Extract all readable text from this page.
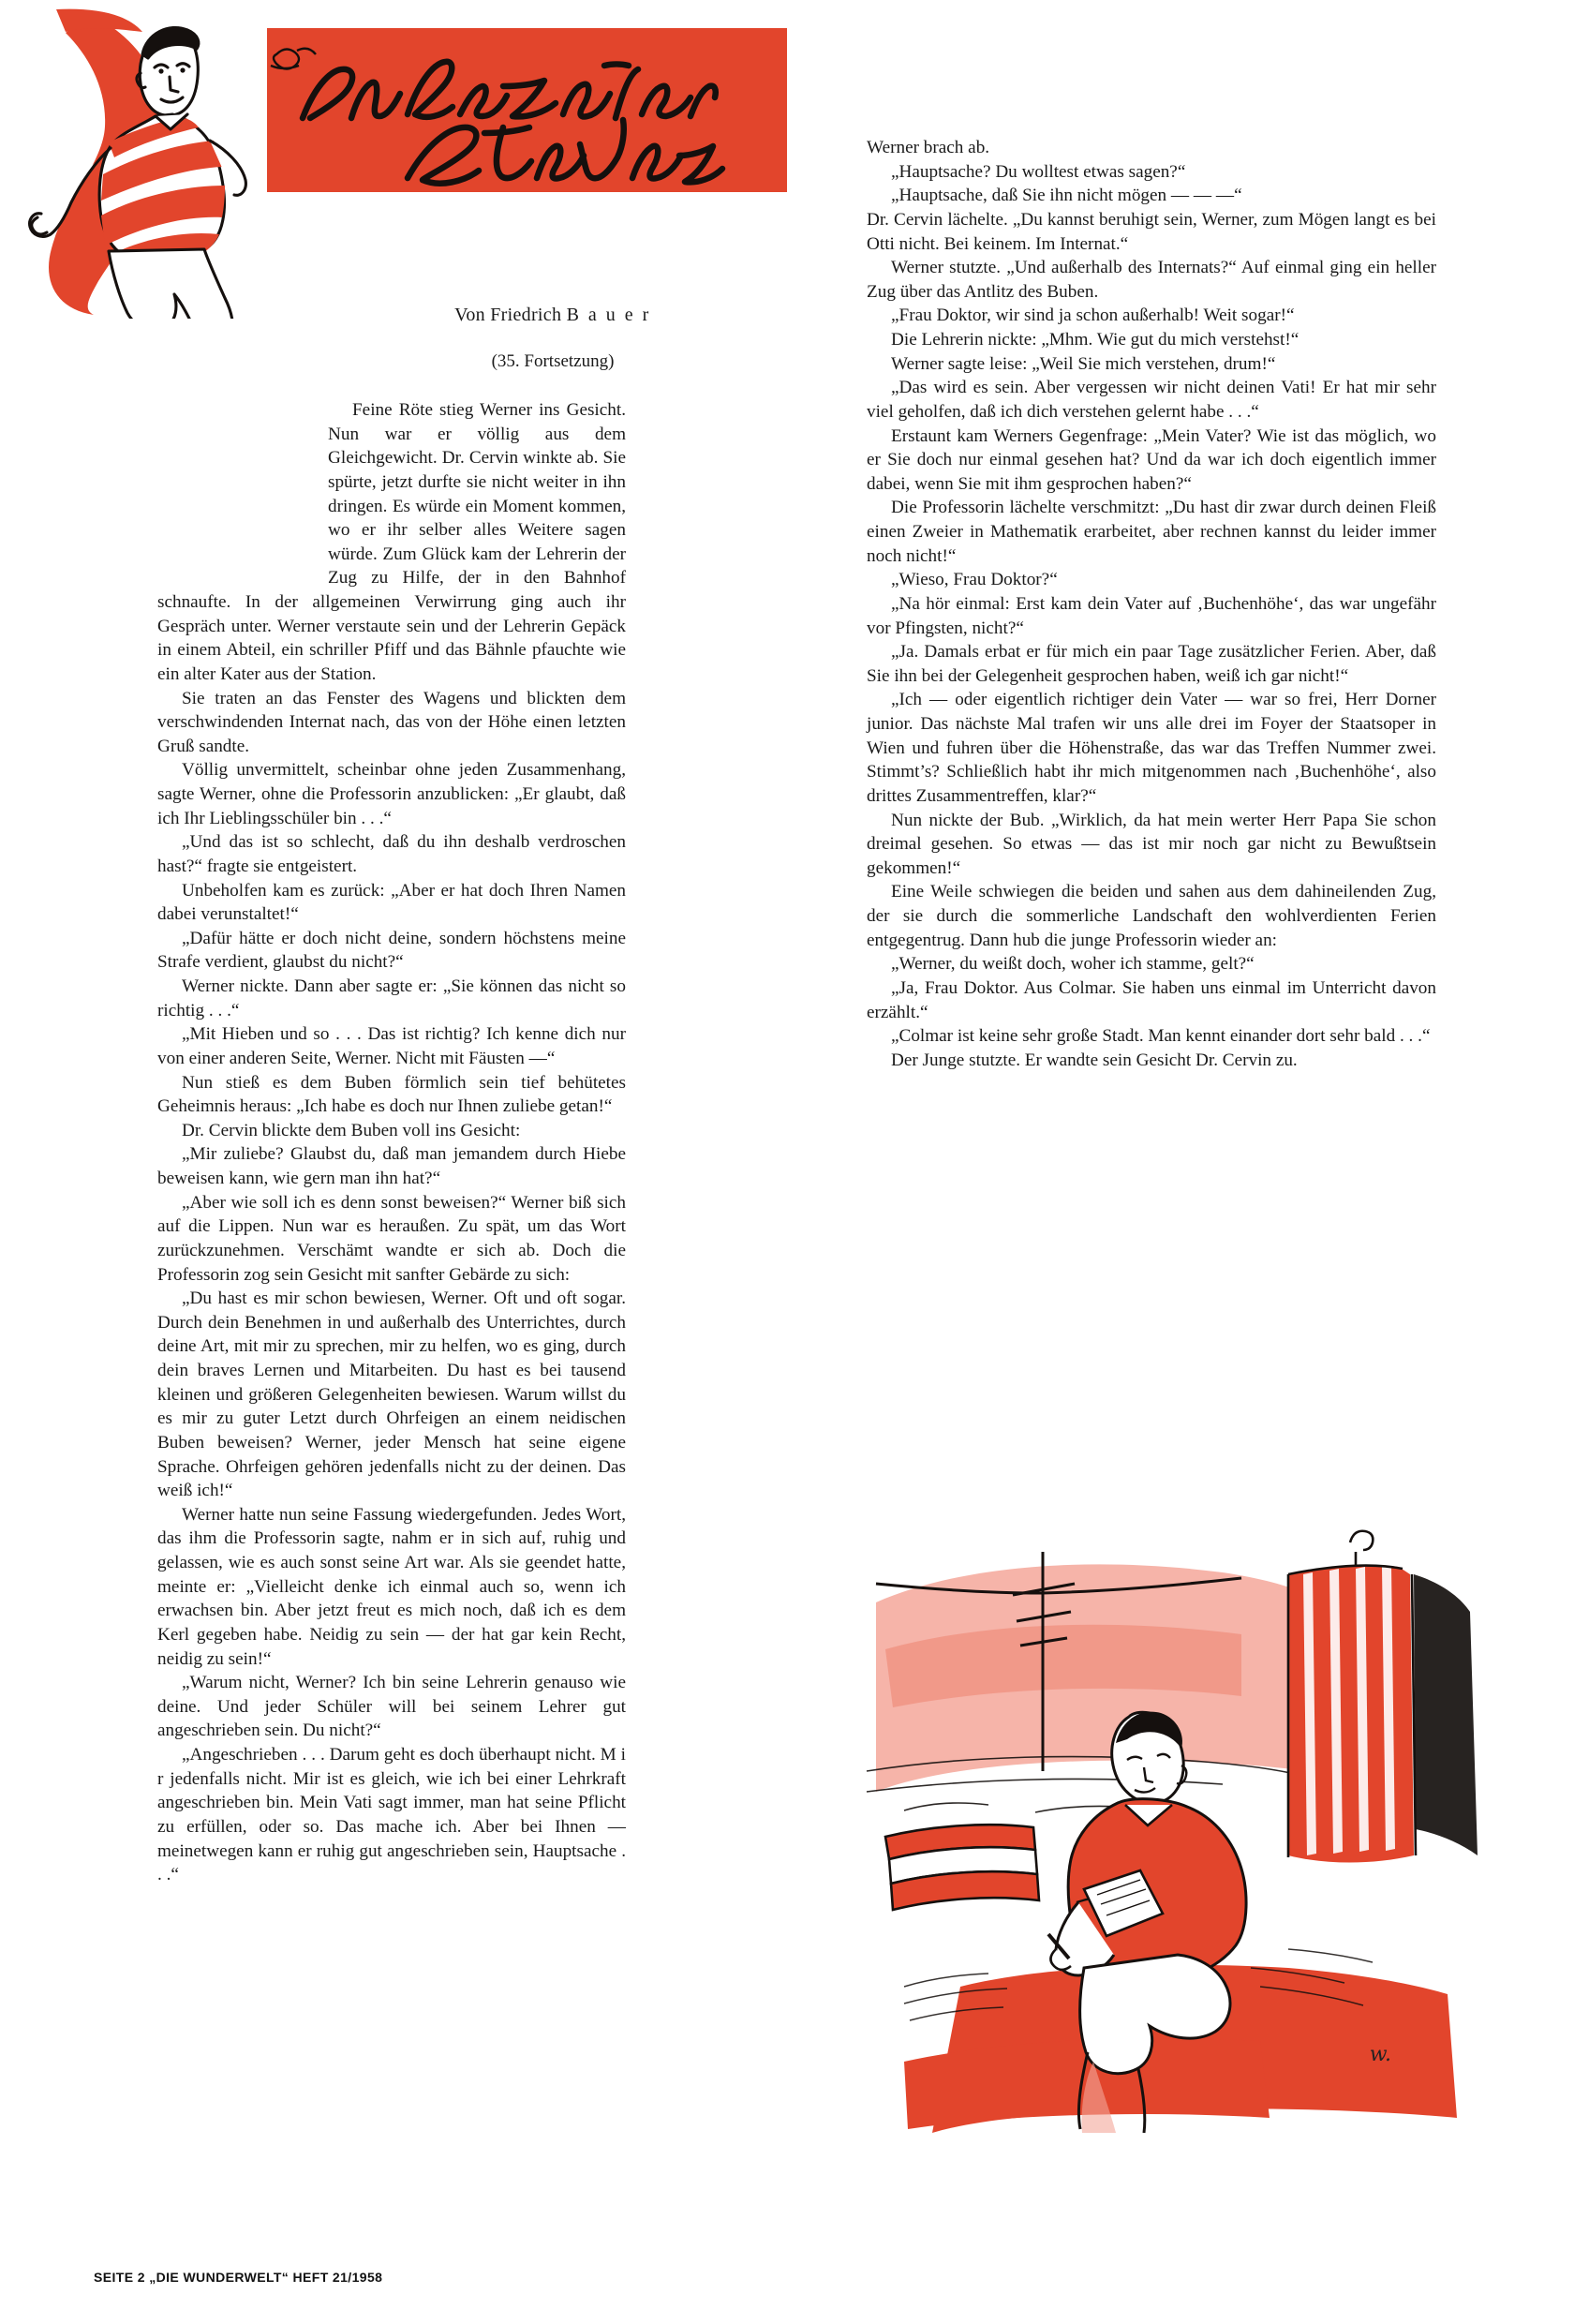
Von Friedrich B a u e r
(35. Fortsetzung)

Feine Röte stieg Werner ins Gesicht. Nun war er völlig aus dem Gleichgewicht. Dr. Cervin winkte ab. Sie spürte, jetzt durfte sie nicht weiter in ihn dringen. Es würde ein Moment kommen, wo er ihr selber alles Weitere sagen würde. Zum Glück kam der Lehrerin der Zug zu Hilfe, der in den Bahnhof schnaufte. In der allgemeinen Verwirrung ging auch ihr Gespräch unter. Werner verstaute sein und der Lehrerin Gepäck in einem Abteil, ein schriller Pfiff und das Bähnle pfauchte wie ein alter Kater aus der Station.

Sie traten an das Fenster des Wagens und blickten dem verschwindenden Internat nach, das von der Höhe einen letzten Gruß sandte.

Völlig unvermittelt, scheinbar ohne jeden Zusammenhang, sagte Werner, ohne die Professorin anzublicken: „Er glaubt, daß ich Ihr Lieblingsschüler bin . . .“

„Und das ist so schlecht, daß du ihn deshalb verdroschen hast?“ fragte sie entgeistert.

Unbeholfen kam es zurück: „Aber er hat doch Ihren Namen dabei verunstaltet!“

„Dafür hätte er doch nicht deine, sondern höchstens meine Strafe verdient, glaubst du nicht?“

Werner nickte. Dann aber sagte er: „Sie können das nicht so richtig . . .“

„Mit Hieben und so . . . Das ist richtig? Ich kenne dich nur von einer anderen Seite, Werner. Nicht mit Fäusten —“

Nun stieß es dem Buben förmlich sein tief behütetes Geheimnis heraus: „Ich habe es doch nur Ihnen zuliebe getan!“

Dr. Cervin blickte dem Buben voll ins Gesicht:

„Mir zuliebe? Glaubst du, daß man jemandem durch Hiebe beweisen kann, wie gern man ihn hat?“

„Aber wie soll ich es denn sonst beweisen?“ Werner biß sich auf die Lippen. Nun war es heraußen. Zu spät, um das Wort zurückzunehmen. Verschämt wandte er sich ab. Doch die Professorin zog sein Gesicht mit sanfter Gebärde zu sich:

„Du hast es mir schon bewiesen, Werner. Oft und oft sogar. Durch dein Benehmen in und außerhalb des Unterrichtes, durch deine Art, mit mir zu sprechen, mir zu helfen, wo es ging, durch dein braves Lernen und Mitarbeiten. Du hast es bei tausend kleinen und größeren Gelegenheiten bewiesen. Warum willst du es mir zu guter Letzt durch Ohrfeigen an einem neidischen Buben beweisen? Werner, jeder Mensch hat seine eigene Sprache. Ohrfeigen gehören jedenfalls nicht zu der deinen. Das weiß ich!“

Werner hatte nun seine Fassung wiedergefunden. Jedes Wort, das ihm die Professorin sagte, nahm er in sich auf, ruhig und gelassen, wie es auch sonst seine Art war. Als sie geendet hatte, meinte er: „Vielleicht denke ich einmal auch so, wenn ich erwachsen bin. Aber jetzt freut es mich noch, daß ich es dem Kerl gegeben habe. Neidig zu sein — der hat gar kein Recht, neidig zu sein!“

„Warum nicht, Werner? Ich bin seine Lehrerin genauso wie deine. Und jeder Schüler will bei seinem Lehrer gut angeschrieben sein. Du nicht?“

„Angeschrieben . . . Darum geht es doch überhaupt nicht. M i r jedenfalls nicht. Mir ist es gleich, wie ich bei einer Lehrkraft angeschrieben bin. Mein Vati sagt immer, man hat seine Pflicht zu erfüllen, oder so. Das mache ich. Aber bei Ihnen — meinetwegen kann er ruhig gut angeschrieben sein, Hauptsache . . .“

Werner brach ab.

„Hauptsache? Du wolltest etwas sagen?“

„Hauptsache, daß Sie ihn nicht mögen — — —“

Dr. Cervin lächelte. „Du kannst beruhigt sein, Werner, zum Mögen langt es bei Otti nicht. Bei keinem. Im Internat.“

Werner stutzte. „Und außerhalb des Internats?“ Auf einmal ging ein heller Zug über das Antlitz des Buben.

„Frau Doktor, wir sind ja schon außerhalb! Weit sogar!“

Die Lehrerin nickte: „Mhm. Wie gut du mich verstehst!“

Werner sagte leise: „Weil Sie mich verstehen, drum!“

„Das wird es sein. Aber vergessen wir nicht deinen Vati! Er hat mir sehr viel geholfen, daß ich dich verstehen gelernt habe . . .“

Erstaunt kam Werners Gegenfrage: „Mein Vater? Wie ist das möglich, wo er Sie doch nur einmal gesehen hat? Und da war ich doch eigentlich immer dabei, wenn Sie mit ihm gesprochen haben?“

Die Professorin lächelte verschmitzt: „Du hast dir zwar durch deinen Fleiß einen Zweier in Mathematik erarbeitet, aber rechnen kannst du leider immer noch nicht!“

„Wieso, Frau Doktor?“

„Na hör einmal: Erst kam dein Vater auf ‚Buchenhöhe‘, das war ungefähr vor Pfingsten, nicht?“

„Ja. Damals erbat er für mich ein paar Tage zusätzlicher Ferien. Aber, daß Sie ihn bei der Gelegenheit gesprochen haben, weiß ich gar nicht!“

„Ich — oder eigentlich richtiger dein Vater — war so frei, Herr Dorner junior. Das nächste Mal trafen wir uns alle drei im Foyer der Staatsoper in Wien und fuhren über die Höhenstraße, das war das Treffen Nummer zwei. Stimmt’s? Schließlich habt ihr mich mitgenommen nach ‚Buchenhöhe‘, also drittes Zusammentreffen, klar?“

Nun nickte der Bub. „Wirklich, da hat mein werter Herr Papa Sie schon dreimal gesehen. So etwas — das ist mir noch gar nicht zu Bewußtsein gekommen!“

Eine Weile schwiegen die beiden und sahen aus dem dahineilenden Zug, der sie durch die sommerliche Landschaft den wohlverdienten Ferien entgegentrug. Dann hub die junge Professorin wieder an:

„Werner, du weißt doch, woher ich stamme, gelt?“

„Ja, Frau Doktor. Aus Colmar. Sie haben uns einmal im Unterricht davon erzählt.“

„Colmar ist keine sehr große Stadt. Man kennt einander dort sehr bald . . .“

Der Junge stutzte. Er wandte sein Gesicht Dr. Cervin zu.

w.
SEITE 2 „DIE WUNDERWELT“ HEFT 21/1958
